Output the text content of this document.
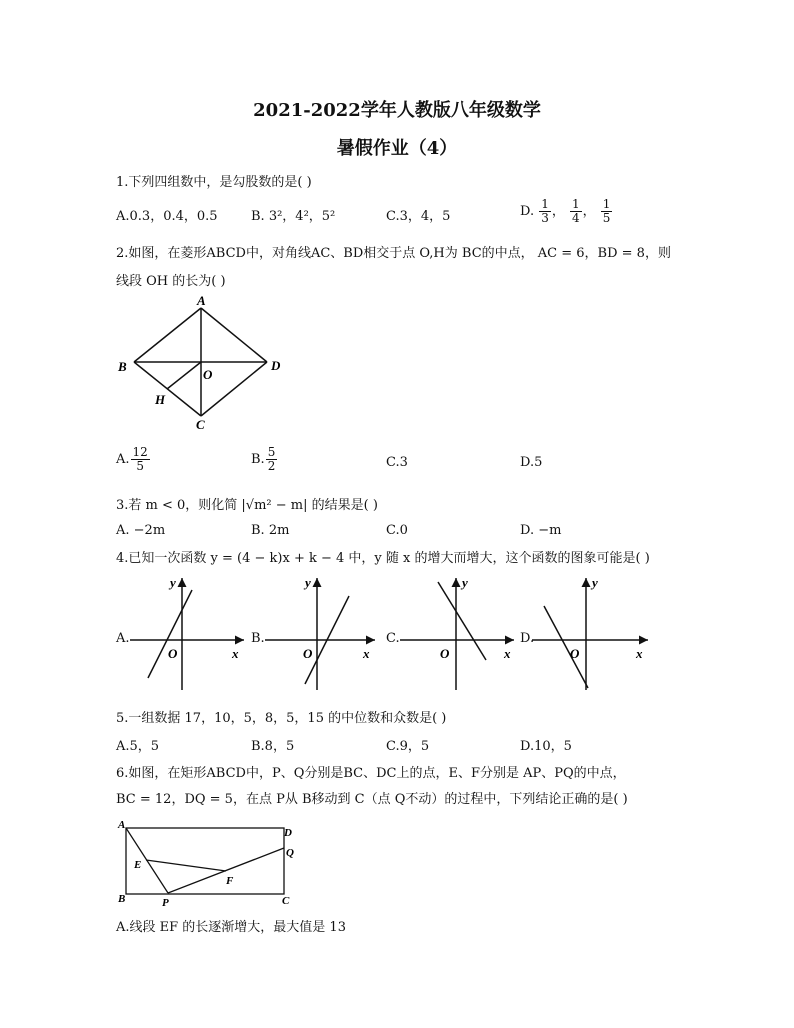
2021-2022学年人教版八年级数学
暑假作业（4）
1.下列四组数中，是勾股数的是( )
A.0.3，0.4，0.5	B. 3²，4²，5²	C.3，4，5	D. $\frac{1}{3}$ ， $\frac{1}{4}$ ， $\frac{1}{5}$
2.如图，在菱形ABCD中，对角线AC、BD相交于点 O,H为 BC的中点， AC = 6，BD = 8，则
线段 OH 的长为( )
A
B
C
D
O
H
A. $\frac{12}{5}$	B. $\frac{5}{2}$	C.3	D.5
3.若 m < 0，则化简 |√m² − m| 的结果是( )
A. −2m	B. 2m	C.0	D. −m
4.已知一次函数 y = (4 − k)x + k − 4 中，y 随 x 的增大而增大，这个函数的图象可能是( )
A.
y
x
O
B.
y
x
O
C.
y
x
O
D.
y
x
O
5.一组数据 17，10，5，8，5，15 的中位数和众数是( )
A.5，5	B.8，5	C.9，5	D.10，5
6.如图，在矩形ABCD中，P、Q分别是BC、DC上的点，E、F分别是 AP、PQ的中点，
BC = 12，DQ = 5，在点 P从 B移动到 C（点 Q不动）的过程中，下列结论正确的是( )
A
B	C
D
E
F
P
Q
A.线段 EF 的长逐渐增大，最大值是 13
